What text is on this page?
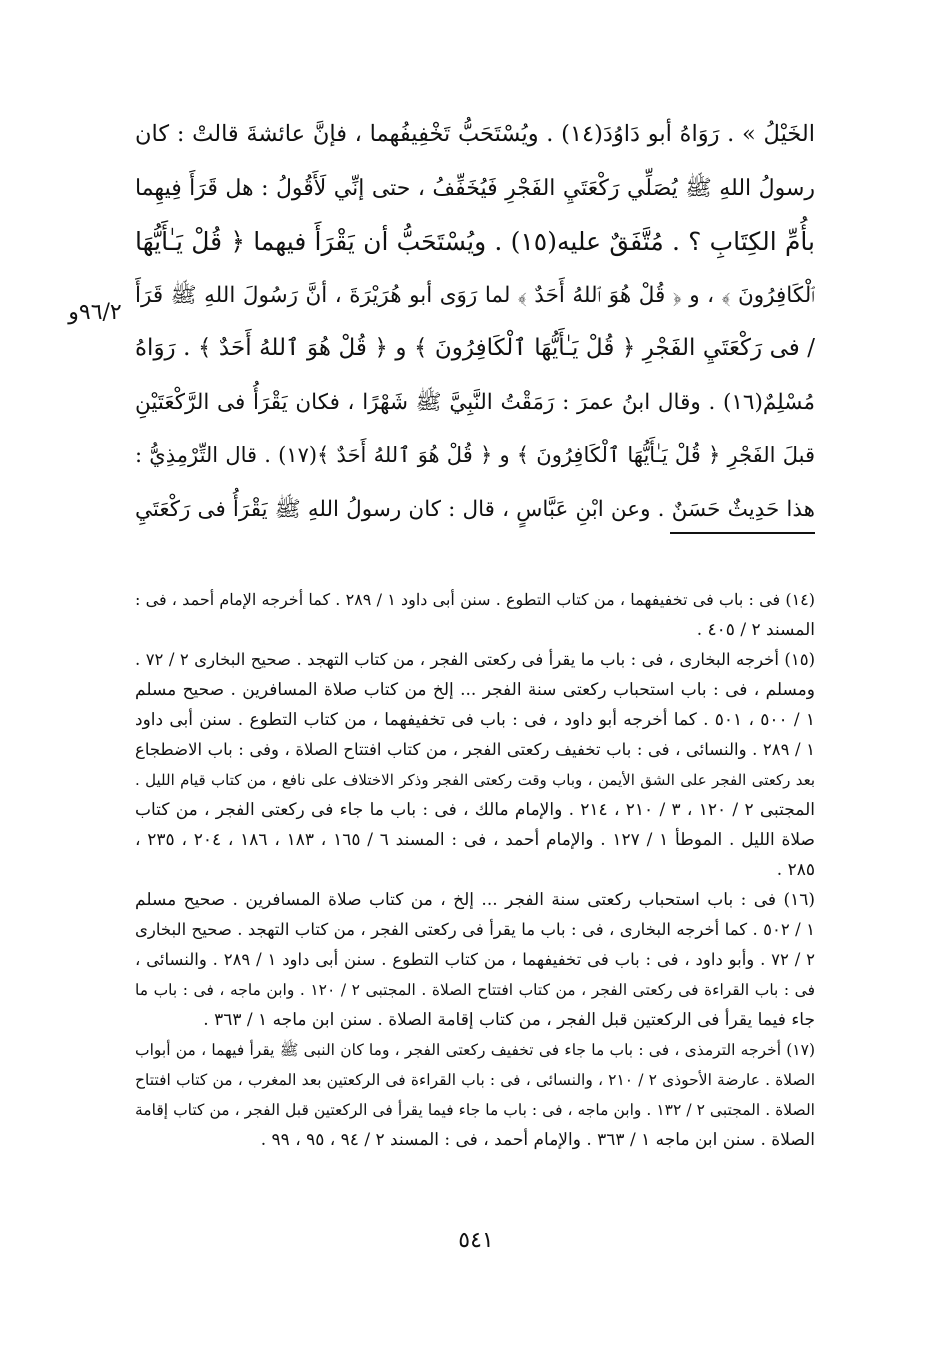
٩٦/٢و
الخَيْلُ » . رَوَاهُ أبو دَاوُدَ(١٤) . ويُسْتَحَبُّ تَخْفِيفُهما ، فإنَّ عائشةَ قالتْ : كان
رسولُ اللهِ ﷺ يُصَلِّي رَكْعَتَيِ الفَجْرِ فَيُخَفِّفُ ، حتى إنِّي لَأَقُولُ : هل قَرَأَ فِيهِما
بأُمِّ الكِتَابِ ؟ . مُتَّفَقٌ عليه(١٥) . ويُسْتَحَبُّ أن يَقْرَأَ فيهما ﴿ قُلْ يَـٰأَيُّهَا
ٱلْكَافِرُونَ ﴾ ، و ﴿ قُلْ هُوَ ٱللهُ أَحَدٌ ﴾ لما رَوَى أبو هُرَيْرَةَ ، أنَّ رَسُولَ اللهِ ﷺ قَرَأَ
/ فى رَكْعَتَيِ الفَجْرِ ﴿ قُلْ يَـٰأَيُّهَا ٱلْكَافِرُونَ ﴾ و ﴿ قُلْ هُوَ ٱللهُ أَحَدٌ ﴾ . رَوَاهُ
مُسْلِمٌ(١٦) . وقال ابنُ عمرَ : رَمَقْتُ النَّبِيَّ ﷺ شَهْرًا ، فكان يَقْرَأُ فى الرَّكْعَتَيْنِ
قبلَ الفَجْرِ ﴿ قُلْ يَـٰأَيُّهَا ٱلْكَافِرُونَ ﴾ و ﴿ قُلْ هُوَ ٱللهُ أَحَدٌ ﴾(١٧) . قال التِّرْمِذِيُّ :
هذا حَدِيثٌ حَسَنٌ . وعن ابْنِ عَبَّاسٍ ، قال : كان رسولُ اللهِ ﷺ يَقْرَأُ فى رَكْعَتَيِ
(١٤) فى : باب فى تخفيفهما ، من كتاب التطوع . سنن أبى داود ١ / ٢٨٩ . كما أخرجه الإمام أحمد ، فى :
المسند ٢ / ٤٠٥ .
(١٥) أخرجه البخارى ، فى : باب ما يقرأ فى ركعتى الفجر ، من كتاب التهجد . صحيح البخارى ٢ / ٧٢ .
ومسلم ، فى : باب استحباب ركعتى سنة الفجر ... إلخ من كتاب صلاة المسافرين . صحيح مسلم
١ / ٥٠٠ ، ٥٠١ . كما أخرجه أبو داود ، فى : باب فى تخفيفهما ، من كتاب التطوع . سنن أبى داود
١ / ٢٨٩ . والنسائى ، فى : باب تخفيف ركعتى الفجر ، من كتاب افتتاح الصلاة ، وفى : باب الاضطجاع
بعد ركعتى الفجر على الشق الأيمن ، وباب وقت ركعتى الفجر وذكر الاختلاف على نافع ، من كتاب قيام الليل .
المجتبى ٢ / ١٢٠ ، ٣ / ٢١٠ ، ٢١٤ . والإمام مالك ، فى : باب ما جاء فى ركعتى الفجر ، من كتاب
صلاة الليل . الموطأ ١ / ١٢٧ . والإمام أحمد ، فى : المسند ٦ / ١٦٥ ، ١٨٣ ، ١٨٦ ، ٢٠٤ ، ٢٣٥ ،
٢٨٥ .
(١٦) فى : باب استحباب ركعتى سنة الفجر ... إلخ ، من كتاب صلاة المسافرين . صحيح مسلم
١ / ٥٠٢ . كما أخرجه البخارى ، فى : باب ما يقرأ فى ركعتى الفجر ، من كتاب التهجد . صحيح البخارى
٢ / ٧٢ . وأبو داود ، فى : باب فى تخفيفهما ، من كتاب التطوع . سنن أبى داود ١ / ٢٨٩ . والنسائى ،
فى : باب القراءة فى ركعتى الفجر ، من كتاب افتتاح الصلاة . المجتبى ٢ / ١٢٠ . وابن ماجه ، فى : باب ما
جاء فيما يقرأ فى الركعتين قبل الفجر ، من كتاب إقامة الصلاة . سنن ابن ماجه ١ / ٣٦٣ .
(١٧) أخرجه الترمذى ، فى : باب ما جاء فى تخفيف ركعتى الفجر ، وما كان النبى ﷺ يقرأ فيهما ، من أبواب
الصلاة . عارضة الأحوذى ٢ / ٢١٠ ، والنسائى ، فى : باب القراءة فى الركعتين بعد المغرب ، من كتاب افتتاح
الصلاة . المجتبى ٢ / ١٣٢ . وابن ماجه ، فى : باب ما جاء فيما يقرأ فى الركعتين قبل الفجر ، من كتاب إقامة
الصلاة . سنن ابن ماجه ١ / ٣٦٣ . والإمام أحمد ، فى : المسند ٢ / ٩٤ ، ٩٥ ، ٩٩ .
٥٤١
